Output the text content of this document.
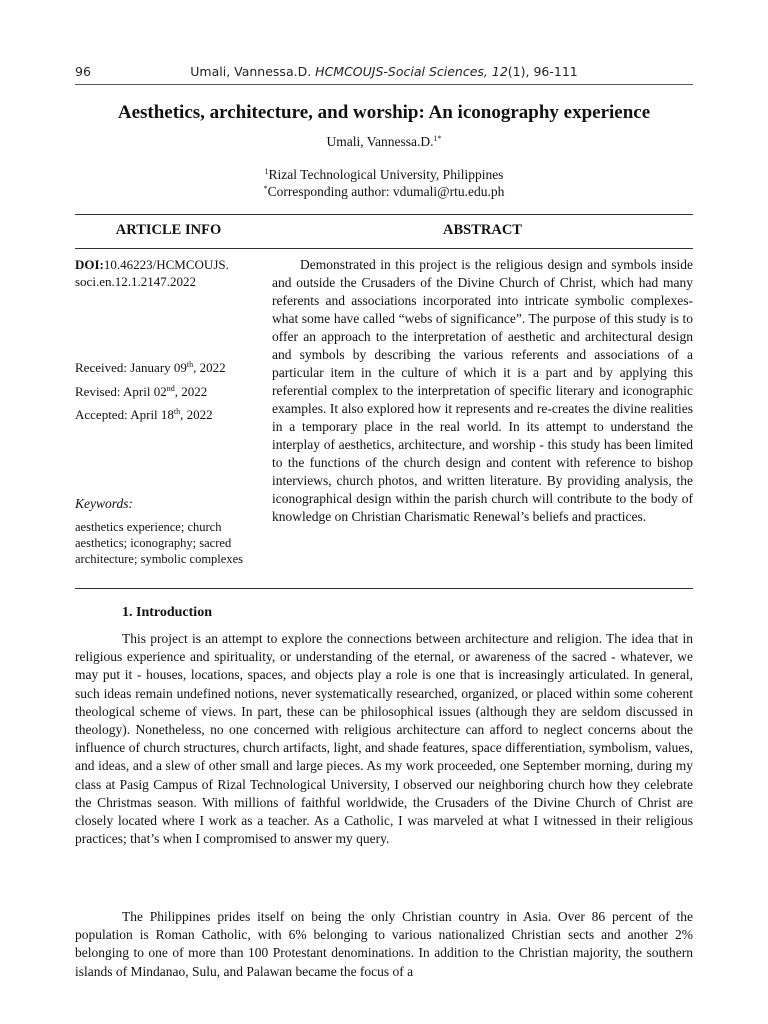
96	Umali, Vannessa.D. HCMCOUJS-Social Sciences, 12(1), 96-111
Aesthetics, architecture, and worship: An iconography experience
Umali, Vannessa.D.$^{1*}$
$^1$Rizal Technological University, Philippines
*Corresponding author: vdumali@rtu.edu.ph
ARTICLE INFO	ABSTRACT
DOI:10.46223/HCMCOUJS.
soci.en.12.1.2147.2022
Received: January 09th, 2022
Revised: April 02nd, 2022
Accepted: April 18th, 2022
Keywords:
aesthetics experience; church aesthetics; iconography; sacred architecture; symbolic complexes

Demonstrated in this project is the religious design and symbols inside and outside the Crusaders of the Divine Church of Christ, which had many referents and associations incorporated into intricate symbolic complexes-what some have called “webs of significance”. The purpose of this study is to offer an approach to the interpretation of aesthetic and architectural design and symbols by describing the various referents and associations of a particular item in the culture of which it is a part and by applying this referential complex to the interpretation of specific literary and iconographic examples. It also explored how it represents and re-creates the divine realities in a temporary place in the real world. In its attempt to understand the interplay of aesthetics, architecture, and worship - this study has been limited to the functions of the church design and content with reference to bishop interviews, church photos, and written literature. By providing analysis, the iconographical design within the parish church will contribute to the body of knowledge on Christian Charismatic Renewal’s beliefs and practices.

1. Introduction

This project is an attempt to explore the connections between architecture and religion. The idea that in religious experience and spirituality, or understanding of the eternal, or awareness of the sacred - whatever, we may put it - houses, locations, spaces, and objects play a role is one that is increasingly articulated. In general, such ideas remain undefined notions, never systematically researched, organized, or placed within some coherent theological scheme of views. In part, these can be philosophical issues (although they are seldom discussed in theology). Nonetheless, no one concerned with religious architecture can afford to neglect concerns about the influence of church structures, church artifacts, light, and shade features, space differentiation, symbolism, values, and ideas, and a slew of other small and large pieces. As my work proceeded, one September morning, during my class at Pasig Campus of Rizal Technological University, I observed our neighboring church how they celebrate the Christmas season. With millions of faithful worldwide, the Crusaders of the Divine Church of Christ are closely located where I work as a teacher. As a Catholic, I was marveled at what I witnessed in their religious practices; that’s when I compromised to answer my query.

The Philippines prides itself on being the only Christian country in Asia. Over 86 percent of the population is Roman Catholic, with 6% belonging to various nationalized Christian sects and another 2% belonging to one of more than 100 Protestant denominations. In addition to the Christian majority, the southern islands of Mindanao, Sulu, and Palawan became the focus of a
